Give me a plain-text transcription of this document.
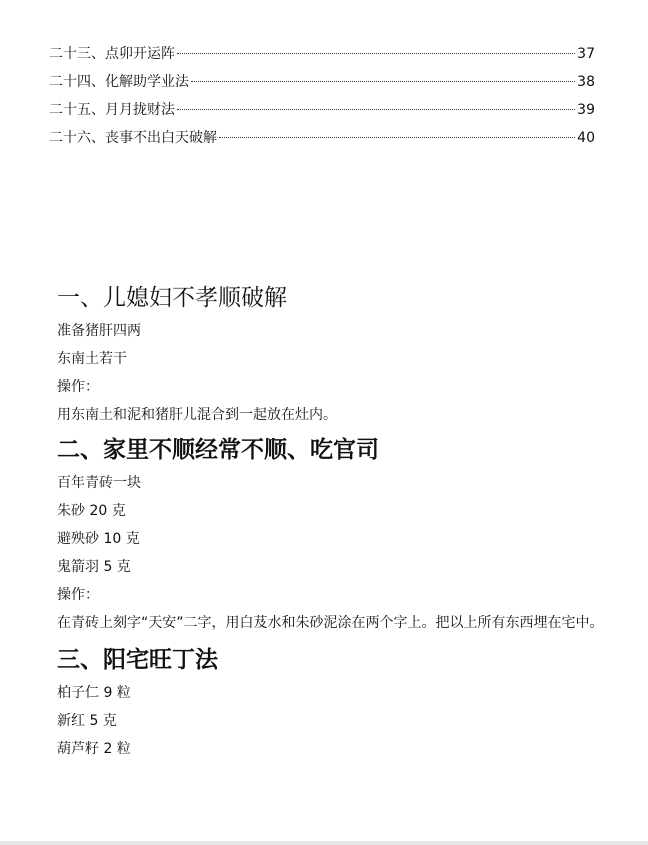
二十三、点卯开运阵	37
二十四、化解助学业法	38
二十五、月月拢财法	39
二十六、丧事不出白天破解	40
一、儿媳妇不孝顺破解

准备猪肝四两

东南土若干

操作：

用东南土和泥和猪肝儿混合到一起放在灶内。

二、家里不顺经常不顺、吃官司

百年青砖一块

朱砂 20 克

避殃砂 10 克

鬼箭羽 5 克

操作：

在青砖上刻字“天安”二字，用白芨水和朱砂泥涂在两个字上。把以上所有东西埋在宅中。

三、阳宅旺丁法

柏子仁 9 粒

新红 5 克

葫芦籽 2 粒
